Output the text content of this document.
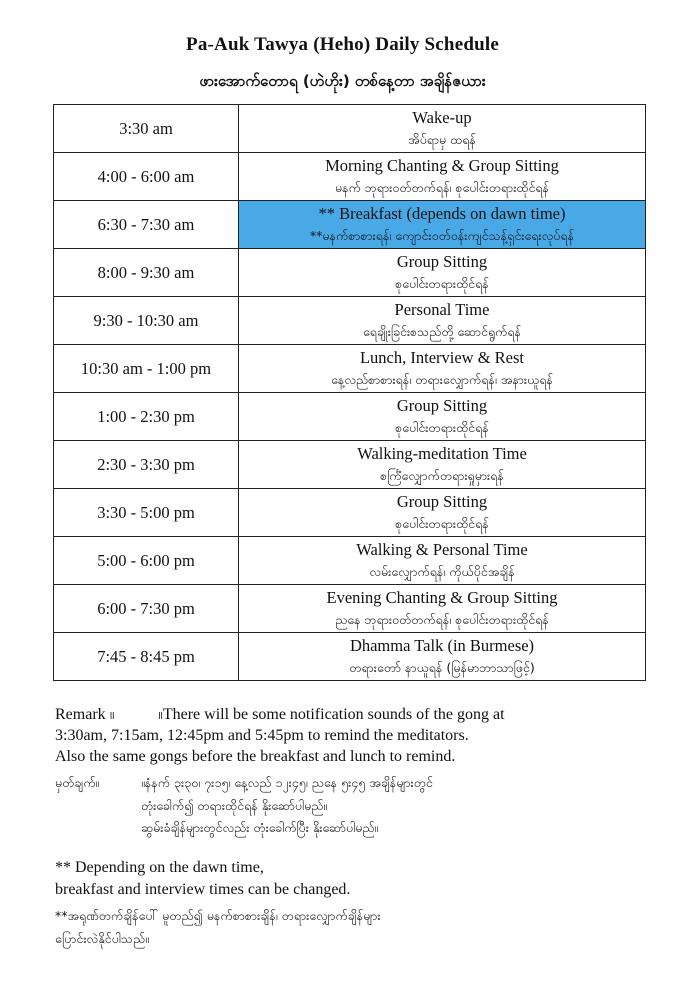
Pa-Auk Tawya (Heho) Daily Schedule
ဖားအောက်တောရ (ဟဲဟိုး) တစ်နေ့တာ အချိန်ဇယား
3:30 am	Wake-up
အိပ်ရာမှ ထရန်

4:00 - 6:00 am	Morning Chanting & Group Sitting
မနက် ဘုရားဝတ်တက်ရန်၊ စုပေါင်းတရားထိုင်ရန်

6:30 - 7:30 am	** Breakfast (depends on dawn time)
**မနက်စာစားရန်၊ ကျောင်းဝတ်ဝန်းကျင်သန့်ရှင်းရေးလုပ်ရန်

8:00 - 9:30 am	Group Sitting
စုပေါင်းတရားထိုင်ရန်

9:30 - 10:30 am	Personal Time
ရေချိုးခြင်းစသည်တို့ ဆောင်ရွက်ရန်

10:30 am - 1:00 pm	Lunch, Interview & Rest
နေ့လည်စာစားရန်၊ တရားလျှောက်ရန်၊ အနားယူရန်

1:00 - 2:30 pm	Group Sitting
စုပေါင်းတရားထိုင်ရန်

2:30 - 3:30 pm	Walking-meditation Time
စင်္ကြံလျှောက်တရားရှုမှားရန်

3:30 - 5:00 pm	Group Sitting
စုပေါင်းတရားထိုင်ရန်

5:00 - 6:00 pm	Walking & Personal Time
လမ်းလျှောက်ရန်၊ ကိုယ်ပိုင်အချိန်

6:00 - 7:30 pm	Evening Chanting & Group Sitting
ညနေ ဘုရားဝတ်တက်ရန်၊ စုပေါင်းတရားထိုင်ရန်

7:45 - 8:45 pm	Dhamma Talk (in Burmese)
တရားတော် နာယူရန် (မြန်မာဘာသာဖြင့်)
Remark ။	။There will be some notification sounds of the gong at
3:30am, 7:15am, 12:45pm and 5:45pm to remind the meditators.
Also the same gongs before the breakfast and lunch to remind.
မှတ်ချက်။	။နံနက် ၃း၃၀၊ ၇း၁၅၊ နေ့လည် ၁၂း၄၅၊ ညနေ ၅း၄၅ အချိန်များတွင်
တုံးခေါက်၍ တရားထိုင်ရန် နိုးဆော်ပါမည်။
ဆွမ်းခံချိန်များတွင်လည်း တုံးခေါက်ပြီး နိုးဆော်ပါမည်။
** Depending on the dawn time,
breakfast and interview times can be changed.
**အရုဏ်တက်ချိန်ပေါ် မူတည်၍ မနက်စာစားချိန်၊ တရားလျှောက်ချိန်များ
ပြောင်းလဲနိုင်ပါသည်။
